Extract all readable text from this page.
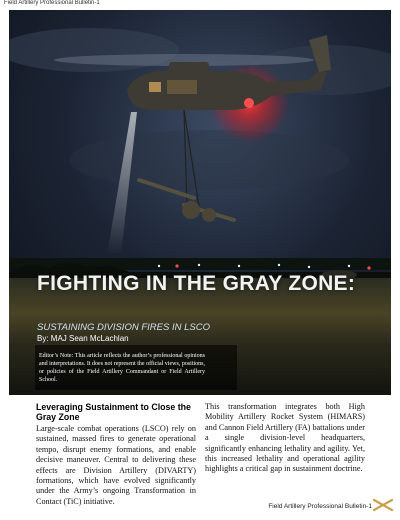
Field Artillery Professional Bulletin-1
FIGHTING IN THE GRAY ZONE:
SUSTAINING DIVISION FIRES IN LSCO
By: MAJ Sean McLachlan
Editor’s Note: This article reflects the author’s professional opinions and interpretations. It does not represent the official views, positions, or policies of the Field Artillery Commandant or Field Artillery School.
Leveraging Sustainment to Close the Gray Zone

Large-scale combat operations (LSCO) rely on sustained, massed fires to generate operational tempo, disrupt enemy formations, and enable decisive maneuver. Central to delivering these effects are Division Artillery (DIVARTY) formations, which have evolved significantly under the Army’s ongoing Transformation in Contact (TiC) initiative.

This transformation integrates both High Mobility Artillery Rocket System (HIMARS) and Cannon Field Artillery (FA) battalions under a single division-level headquarters, significantly enhancing lethality and agility. Yet, this increased lethality and operational agility highlights a critical gap in sustainment doctrine.

Field Artillery Professional Bulletin-1
